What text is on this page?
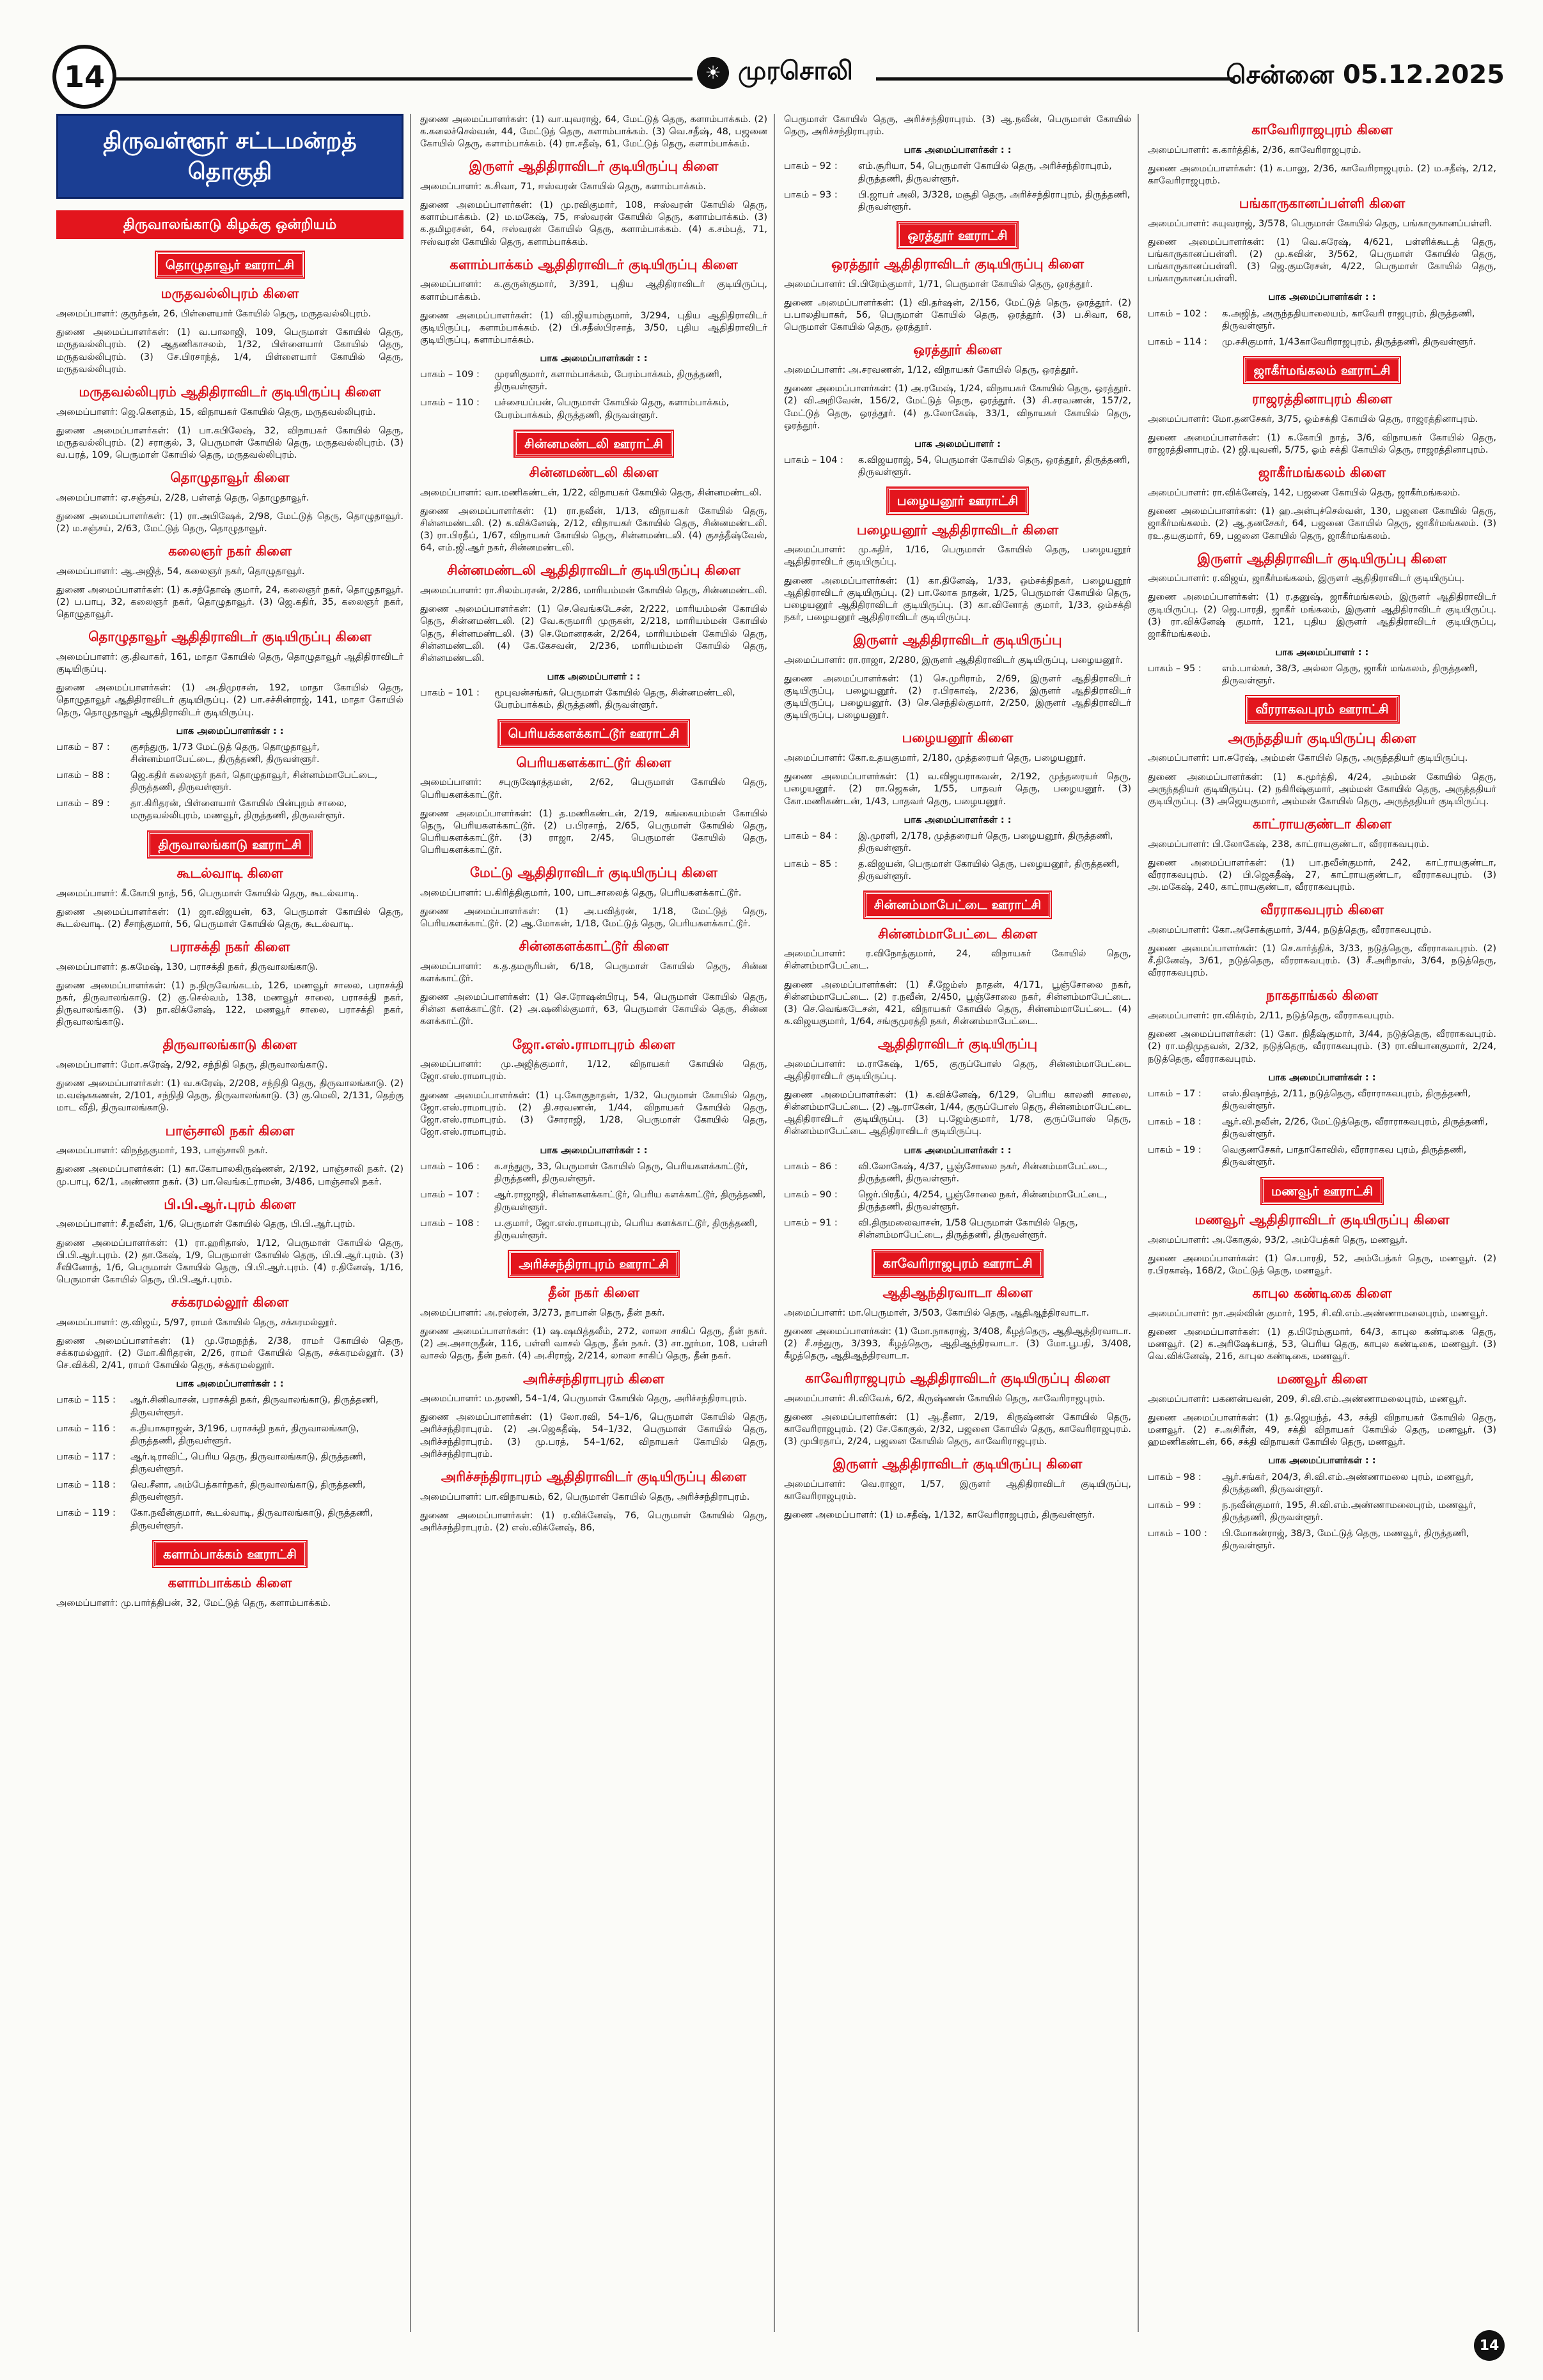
14	☀ முரசொலி	சென்னை 05.12.2025
திருவள்ளூர் சட்டமன்றத் தொகுதி
திருவாலங்காடு கிழக்கு ஒன்றியம்
தொழுதாவூர் ஊராட்சி
மருதவல்லிபுரம் கிளை

அமைப்பாளர்: குருர்தன், 26, பிள்ளையார் கோயில் தெரு, மருதவல்லிபுரம்.

துணை அமைப்பாளர்கள்: (1) வ.பாலாஜி, 109, பெருமாள் கோயில் தெரு, மருதவல்லிபுரம். (2) ஆதணிகாசலம், 1/32, பிள்ளையார் கோயில் தெரு, மருதவல்லிபுரம். (3) சே.பிரசாந்த், 1/4, பிள்ளையார் கோயில் தெரு, மருதவல்லிபுரம்.

மருதவல்லிபுரம் ஆதிதிராவிடர் குடியிருப்பு கிளை

அமைப்பாளர்: ஜெ.கௌதம், 15, விநாயகர் கோயில் தெரு, மருதவல்லிபுரம்.

துணை அமைப்பாளர்கள்: (1) பா.கபிலேஷ், 32, விநாயகர் கோயில் தெரு, மருதவல்லிபுரம். (2) சராகுல், 3, பெருமாள் கோயில் தெரு, மருதவல்லிபுரம். (3) வ.பரத், 109, பெருமாள் கோயில் தெரு, மருதவல்லிபுரம்.

தொழுதாவூர் கிளை

அமைப்பாளர்: ஏ.சஞ்சய், 2/28, பள்ளத் தெரு, தொழுதாவூர்.

துணை அமைப்பாளர்கள்: (1) ரா.அபிஷேக், 2/98, மேட்டுத் தெரு, தொழுதாவூர். (2) ம.சஞ்சய், 2/63, மேட்டுத் தெரு, தொழுதாவூர்.

கலைஞர் நகர் கிளை

அமைப்பாளர்: ஆ.அஜித், 54, கலைஞர் நகர், தொழுதாவூர்.

துணை அமைப்பாளர்கள்: (1) க.சந்தோஷ் குமார், 24, கலைஞர் நகர், தொழுதாவூர். (2) ப.பாபு, 32, கலைஞர் நகர், தொழுதாவூர். (3) ஜெ.கதிர், 35, கலைஞர் நகர், தொழுதாவூர்.

தொழுதாவூர் ஆதிதிராவிடர் குடியிருப்பு கிளை

அமைப்பாளர்: கு.திவாகர், 161, மாதா கோயில் தெரு, தொழுதாவூர் ஆதிதிராவிடர் குடியிருப்பு.

துணை அமைப்பாளர்கள்: (1) அ.திமுரசன், 192, மாதா கோயில் தெரு, தொழுதாவூர் ஆதிதிராவிடர் குடியிருப்பு. (2) பா.சச்சின்ராஜ், 141, மாதா கோயில் தெரு, தொழுதாவூர் ஆதிதிராவிடர் குடியிருப்பு.

பாக அமைப்பாளர்கள் : :
பாகம் – 87 :	குசந்துரு, 1/73 மேட்டுத் தெரு, தொழுதாவூர், சின்னம்மாபேட்டை, திருத்தணி, திருவள்ளூர்.
பாகம் – 88 :	ஜெ.கதிர் கலைஞர் நகர், தொழுதாவூர், சின்னம்மாபேட்டை, திருத்தணி, திருவள்ளூர்.
பாகம் – 89 :	தா.கிரிதரன், பிள்ளையார் கோயில் பின்புறம் சாலை, மருதவல்லிபுரம், மணவூர், திருத்தணி, திருவள்ளூர்.
திருவாலங்காடு ஊராட்சி
கூடல்வாடி கிளை

அமைப்பாளர்: கீ.கோபி நாத், 56, பெருமாள் கோயில் தெரு, கூடல்வாடி.

துணை அமைப்பாளர்கள்: (1) ஜா.விஜயன், 63, பெருமாள் கோயில் தெரு, கூடல்வாடி. (2) சீசாந்குமார், 56, பெருமாள் கோயில் தெரு, கூடல்வாடி.

பராசக்தி நகர் கிளை

அமைப்பாளர்: த.கமேஷ், 130, பராசக்தி நகர், திருவாலங்காடு.

துணை அமைப்பாளர்கள்: (1) ந.நிருவேங்கடம், 126, மணவூர் சாலை, பராசக்தி நகர், திருவாலங்காடு. (2) கு.செல்வம், 138, மணவூர் சாலை, பராசக்தி நகர், திருவாலங்காடு. (3) நா.விக்னேஷ், 122, மணவூர் சாலை, பராசக்தி நகர், திருவாலங்காடு.

திருவாலங்காடு கிளை

அமைப்பாளர்: மோ.சுரேஷ், 2/92, சந்நிதி தெரு, திருவாலங்காடு.

துணை அமைப்பாளர்கள்: (1) வ.சுரேஷ், 2/208, சந்நிதி தெரு, திருவாலங்காடு. (2) ம.வஷ்சுகணன், 2/101, சந்நிதி தெரு, திருவாலங்காடு. (3) கு.மெலி, 2/131, தெற்கு மாட வீதி, திருவாலங்காடு.

பாஞ்சாலி நகர் கிளை

அமைப்பாளர்: விநந்தகுமார், 193, பாஞ்சாலி நகர்.

துணை அமைப்பாளர்கள்: (1) கா.கோபாலகிருஷ்ணன், 2/192, பாஞ்சாலி நகர். (2) மு.பாபு, 62/1, அண்ணா நகர். (3) பா.வெங்கட்ராமன், 3/486, பாஞ்சாலி நகர்.

பி.பி.ஆர்.புரம் கிளை

அமைப்பாளர்: சீ.நவீன், 1/6, பெருமாள் கோயில் தெரு, பி.பி.ஆர்.புரம்.

துணை அமைப்பாளர்கள்: (1) ரா.ஹரிதாஸ், 1/12, பெருமாள் கோயில் தெரு, பி.பி.ஆர்.புரம். (2) தா.கேஷ், 1/9, பெருமாள் கோயில் தெரு, பி.பி.ஆர்.புரம். (3) சீவினோத், 1/6, பெருமாள் கோயில் தெரு, பி.பி.ஆர்.புரம். (4) ர.தினேஷ், 1/16, பெருமாள் கோயில் தெரு, பி.பி.ஆர்.புரம்.

சக்கரமல்லூர் கிளை

அமைப்பாளர்: கு.விஜய், 5/97, ராமர் கோயில் தெரு, சக்கரமல்லூர்.

துணை அமைப்பாளர்கள்: (1) மு.ரேமநந்த், 2/38, ராமர் கோயில் தெரு, சக்கரமல்லூர். (2) மோ.கிரிதரன், 2/26, ராமர் கோயில் தெரு, சக்கரமல்லூர். (3) செ.விக்கி, 2/41, ராமர் கோயில் தெரு, சக்கரமல்லூர்.

பாக அமைப்பாளர்கள் : :
பாகம் – 115 :	ஆர்.சினிவாசன், பராசக்தி நகர், திருவாலங்காடு, திருத்தணி, திருவள்ளூர்.
பாகம் – 116 :	க.தியாகராஜன், 3/196, பராசக்தி நகர், திருவாலங்காடு, திருத்தணி, திருவள்ளூர்.
பாகம் – 117 :	ஆர்.டிராவிட், பெரிய தெரு, திருவாலங்காடு, திருத்தணி, திருவள்ளூர்.
பாகம் – 118 :	வெ.சீனா, அம்பேத்கார்நகர், திருவாலங்காடு, திருத்தணி, திருவள்ளூர்.
பாகம் – 119 :	கோ.நவீன்குமார், கூடல்வாடி, திருவாலங்காடு, திருத்தணி, திருவள்ளூர்.
களாம்பாக்கம் ஊராட்சி
களாம்பாக்கம் கிளை

அமைப்பாளர்: மு.பார்த்திபன், 32, மேட்டுத் தெரு, களாம்பாக்கம்.

துணை அமைப்பாளர்கள்: (1) வா.யுவராஜ், 64, மேட்டுத் தெரு, களாம்பாக்கம். (2) க.கலைச்செல்வன், 44, மேட்டுத் தெரு, களாம்பாக்கம். (3) வெ.சதீஷ், 48, பஜனை கோயில் தெரு, களாம்பாக்கம். (4) ரா.சதீஷ், 61, மேட்டுத் தெரு, களாம்பாக்கம்.

இருளர் ஆதிதிராவிடர் குடியிருப்பு கிளை

அமைப்பாளர்: க.சிவா, 71, ஈஸ்வரன் கோயில் தெரு, களாம்பாக்கம்.

துணை அமைப்பாளர்கள்: (1) மு.ரவிகுமார், 108, ஈஸ்வரன் கோயில் தெரு, களாம்பாக்கம். (2) ம.மகேஷ், 75, ஈஸ்வரன் கோயில் தெரு, களாம்பாக்கம். (3) க.தமிழரசன், 64, ஈஸ்வரன் கோயில் தெரு, களாம்பாக்கம். (4) க.சம்பத், 71, ஈஸ்வரன் கோயில் தெரு, களாம்பாக்கம்.

களாம்பாக்கம் ஆதிதிராவிடர் குடியிருப்பு கிளை

அமைப்பாளர்: க.குருன்குமார், 3/391, புதிய ஆதிதிராவிடர் குடியிருப்பு, களாம்பாக்கம்.

துணை அமைப்பாளர்கள்: (1) வி.ஜியாம்குமார், 3/294, புதிய ஆதிதிராவிடர் குடியிருப்பு, களாம்பாக்கம். (2) பி.சதீஸ்பிரசாத், 3/50, புதிய ஆதிதிராவிடர் குடியிருப்பு, களாம்பாக்கம்.

பாக அமைப்பாளர்கள் : :
பாகம் – 109 :	முரளிகுமார், களாம்பாக்கம், பேரம்பாக்கம், திருத்தணி, திருவள்ளூர்.
பாகம் – 110 :	பச்சையப்பன், பெருமாள் கோயில் தெரு, களாம்பாக்கம், பேரம்பாக்கம், திருத்தணி, திருவள்ளூர்.
சின்னமண்டலி ஊராட்சி
சின்னமண்டலி கிளை

அமைப்பாளர்: வா.மணிகண்டன், 1/22, விநாயகர் கோயில் தெரு, சின்னமண்டலி.

துணை அமைப்பாளர்கள்: (1) ரா.நவீன், 1/13, விநாயகர் கோயில் தெரு, சின்னமண்டலி. (2) க.விக்னேஷ், 2/12, விநாயகர் கோயில் தெரு, சின்னமண்டலி. (3) ரா.பிரதீப், 1/67, விநாயகர் கோயில் தெரு, சின்னமண்டலி. (4) குசத்தீஷ்வேல், 64, எம்.ஜி.ஆர் நகர், சின்னமண்டலி.

சின்னமண்டலி ஆதிதிராவிடர் குடியிருப்பு கிளை

அமைப்பாளர்: ரா.சிலம்பரசன், 2/286, மாரியம்மன் கோயில் தெரு, சின்னமண்டலி.

துணை அமைப்பாளர்கள்: (1) செ.வெங்கடேசன், 2/222, மாரியம்மன் கோயில் தெரு, சின்னமண்டலி. (2) வே.கருமாரி முருகன், 2/218, மாரியம்மன் கோயில் தெரு, சின்னமண்டலி. (3) செ.மோனரகன், 2/264, மாரியம்மன் கோயில் தெரு, சின்னமண்டலி. (4) கே.கேசவன், 2/236, மாரியம்மன் கோயில் தெரு, சின்னமண்டலி.

பாக அமைப்பாளர் : :
பாகம் – 101 :	மூபுவன்சங்கர், பெருமாள் கோயில் தெரு, சின்னமண்டலி, பேரம்பாக்கம், திருத்தணி, திருவள்ளூர்.
பெரியக்களக்காட்டூர் ஊராட்சி
பெரியகளக்காட்டூர் கிளை

அமைப்பாளர்: சபுருஷோத்தமன், 2/62, பெருமாள் கோயில் தெரு, பெரியகளக்காட்டூர்.

துணை அமைப்பாளர்கள்: (1) த.மணிகண்டன், 2/19, கங்கையம்மன் கோயில் தெரு, பெரியகளக்காட்டூர். (2) ப.பிரசாந், 2/65, பெருமாள் கோயில் தெரு, பெரியகளக்காட்டூர். (3) ராஜா, 2/45, பெருமாள் கோயில் தெரு, பெரியகளக்காட்டூர்.

மேட்டு ஆதிதிராவிடர் குடியிருப்பு கிளை

அமைப்பாளர்: ப.கிரித்திகுமார், 100, பாடசாலைத் தெரு, பெரியகளக்காட்டூர்.

துணை அமைப்பாளர்கள்: (1) அ.பவித்ரன், 1/18, மேட்டுத் தெரு, பெரியகளக்காட்டூர். (2) ஆ.மோகன், 1/18, மேட்டுத் தெரு, பெரியகளக்காட்டூர்.

சின்னகளக்காட்டூர் கிளை

அமைப்பாளர்: க.த.தமருரிபன், 6/18, பெருமாள் கோயில் தெரு, சின்ன களக்காட்டூர்.

துணை அமைப்பாளர்கள்: (1) செ.ரோஷன்பிரபு, 54, பெருமாள் கோயில் தெரு, சின்ன களக்காட்டூர். (2) அ.ஷனில்குமார், 63, பெருமாள் கோயில் தெரு, சின்ன களக்காட்டூர்.

ஜோ.எஸ்.ராமாபுரம் கிளை

அமைப்பாளர்: மு.அஜித்குமார், 1/12, விநாயகர் கோயில் தெரு, ஜோ.எஸ்.ராமாபுரம்.

துணை அமைப்பாளர்கள்: (1) பு.கோகுநாதன், 1/32, பெருமாள் கோயில் தெரு, ஜோ.எஸ்.ராமாபுரம். (2) தி.சரவணன், 1/44, விநாயகர் கோயில் தெரு, ஜோ.எஸ்.ராமாபுரம். (3) சோராஜி, 1/28, பெருமாள் கோயில் தெரு, ஜோ.எஸ்.ராமாபுரம்.

பாக அமைப்பாளர்கள் : :
பாகம் – 106 :	க.சந்துரு, 33, பெருமாள் கோயில் தெரு, பெரியகளக்காட்டூர், திருத்தணி, திருவள்ளூர்.
பாகம் – 107 :	ஆர்.ராஜாஜி, சின்னகளக்காட்டூர், பெரிய களக்காட்டூர், திருத்தணி, திருவள்ளூர்.
பாகம் – 108 :	ப.குமார், ஜோ.எஸ்.ராமாபுரம், பெரிய களக்காட்டூர், திருத்தணி, திருவள்ளூர்.
அரிச்சந்திராபுரம் ஊராட்சி
தீன் நகர் கிளை

அமைப்பாளர்: அ.ரஸ்ரன், 3/273, நாபான் தெரு, தீன் நகர்.

துணை அமைப்பாளர்கள்: (1) ஷ.ஷமித்தலீம், 272, லாலா சாகிப் தெரு, தீன் நகர். (2) அ.அசாருதீன், 116, பள்ளி வாசல் தெரு, தீன் நகர். (3) சா.நூர்மா, 108, பள்ளி வாசல் தெரு, தீன் நகர். (4) அ.சிராஜ், 2/214, லாலா சாகிப் தெரு, தீன் நகர்.

அரிச்சந்திராபுரம் கிளை

அமைப்பாளர்: ம.தரணி, 54–1/4, பெருமாள் கோயில் தெரு, அரிச்சந்திராபுரம்.

துணை அமைப்பாளர்கள்: (1) லோ.ரவி, 54–1/6, பெருமாள் கோயில் தெரு, அரிச்சந்திராபுரம். (2) அ.ஜெகதீஷ், 54–1/32, பெருமாள் கோயில் தெரு, அரிச்சந்திராபுரம். (3) மு.பரத், 54–1/62, விநாயகர் கோயில் தெரு, அரிச்சந்திராபுரம்.

அரிச்சந்திராபுரம் ஆதிதிராவிடர் குடியிருப்பு கிளை

அமைப்பாளர்: பா.விநாயகம், 62, பெருமாள் கோயில் தெரு, அரிச்சந்திராபுரம்.

துணை அமைப்பாளர்கள்: (1) ர.விக்னேஷ், 76, பெருமாள் கோயில் தெரு, அரிச்சந்திராபுரம். (2) எஸ்.விக்னேஷ், 86,

பெருமாள் கோயில் தெரு, அரிச்சந்திராபுரம். (3) ஆ.நவீன், பெருமாள் கோயில் தெரு, அரிச்சந்திராபுரம்.

பாக அமைப்பாளர்கள் : :
பாகம் – 92 :	எம்.சூரியா, 54, பெருமாள் கோயில் தெரு, அரிச்சந்திராபுரம், திருத்தணி, திருவள்ளூர்.
பாகம் – 93 :	பி.ஜாபர் அலி, 3/328, மசூதி தெரு, அரிச்சந்திராபுரம், திருத்தணி, திருவள்ளூர்.
ஒரத்தூர் ஊராட்சி
ஒரத்தூர் ஆதிதிராவிடர் குடியிருப்பு கிளை

அமைப்பாளர்: பி.பிரேம்குமார், 1/71, பெருமாள் கோயில் தெரு, ஒரத்தூர்.

துணை அமைப்பாளர்கள்: (1) வி.தர்ஷன், 2/156, மேட்டுத் தெரு, ஒரத்தூர். (2) ப.பாலதியாகர், 56, பெருமாள் கோயில் தெரு, ஒரத்தூர். (3) ப.சிவா, 68, பெருமாள் கோயில் தெரு, ஒரத்தூர்.

ஒரத்தூர் கிளை

அமைப்பாளர்: அ.சரவணன், 1/12, விநாயகர் கோயில் தெரு, ஒரத்தூர்.

துணை அமைப்பாளர்கள்: (1) அ.ரமேஷ், 1/24, விநாயகர் கோயில் தெரு, ஒரத்தூர். (2) வி.அறிவேன், 156/2, மேட்டுத் தெரு, ஒரத்தூர். (3) சி.சரவணன், 157/2, மேட்டுத் தெரு, ஒரத்தூர். (4) த.லோகேஷ், 33/1, விநாயகர் கோயில் தெரு, ஒரத்தூர்.

பாக அமைப்பாளர் :
பாகம் – 104 :	க.விஜயராஜ், 54, பெருமாள் கோயில் தெரு, ஒரத்தூர், திருத்தணி, திருவள்ளூர்.
பழையனூர் ஊராட்சி
பழையனூர் ஆதிதிராவிடர் கிளை

அமைப்பாளர்: மு.கதிர், 1/16, பெருமாள் கோயில் தெரு, பழையனூர் ஆதிதிராவிடர் குடியிருப்பு.

துணை அமைப்பாளர்கள்: (1) கா.தினேஷ், 1/33, ஒம்சக்திநகர், பழையனூர் ஆதிதிராவிடர் குடியிருப்பு. (2) பா.லோக நாதன், 1/25, பெருமாள் கோயில் தெரு, பழையனூர் ஆதிதிராவிடர் குடியிருப்பு. (3) கா.வினோத் குமார், 1/33, ஒம்சக்தி நகர், பழையனூர் ஆதிதிராவிடர் குடியிருப்பு.

இருளர் ஆதிதிராவிடர் குடியிருப்பு

அமைப்பாளர்: ரா.ராஜா, 2/280, இருளர் ஆதிதிராவிடர் குடியிருப்பு, பழையனூர்.

துணை அமைப்பாளர்கள்: (1) செ.முரிராம், 2/69, இருளர் ஆதிதிராவிடர் குடியிருப்பு, பழையனூர். (2) ர.பிரகாஷ், 2/236, இருளர் ஆதிதிராவிடர் குடியிருப்பு, பழையனூர். (3) செ.செந்தில்குமார், 2/250, இருளர் ஆதிதிராவிடர் குடியிருப்பு, பழையனூர்.

பழையனூர் கிளை

அமைப்பாளர்: கோ.உதயகுமார், 2/180, முத்தரையர் தெரு, பழையனூர்.

துணை அமைப்பாளர்கள்: (1) வ.விஜயராகவன், 2/192, முத்தரையர் தெரு, பழையனூர். (2) ரா.ஜெகன், 1/55, பாதவர் தெரு, பழையனூர். (3) கோ.மணிகண்டன், 1/43, பாதவர் தெரு, பழையனூர்.

பாக அமைப்பாளர்கள் : :
பாகம் – 84 :	இ.முரளி, 2/178, முத்தரையர் தெரு, பழையனூர், திருத்தணி, திருவள்ளூர்.
பாகம் – 85 :	த.விஜயன், பெருமாள் கோயில் தெரு, பழையனூர், திருத்தணி, திருவள்ளூர்.
சின்னம்மாபேட்டை ஊராட்சி
சின்னம்மாபேட்டை கிளை

அமைப்பாளர்: ர.விநோத்குமார், 24, விநாயகர் கோயில் தெரு, சின்னம்மாபேட்டை.

துணை அமைப்பாளர்கள்: (1) சீ.ஜேம்ஸ் நாதன், 4/171, பூஞ்சோலை நகர், சின்னம்மாபேட்டை. (2) ர.நவீன், 2/450, பூஞ்சோலை நகர், சின்னம்மாபேட்டை. (3) செ.வெங்கடேசன், 421, விநாயகர் கோயில் தெரு, சின்னம்மாபேட்டை. (4) க.விஜயகுமார், 1/64, சங்குமுரத்தி நகர், சின்னம்மாபேட்டை.

ஆதிதிராவிடர் குடியிருப்பு

அமைப்பாளர்: ம.ராகேஷ், 1/65, குருப்போஸ் தெரு, சின்னம்மாபேட்டை ஆதிதிராவிடர் குடியிருப்பு.

துணை அமைப்பாளர்கள்: (1) க.விக்னேஷ், 6/129, பெரிய காலனி சாலை, சின்னம்மாபேட்டை. (2) ஆ.ராகேன், 1/44, குருப்போஸ் தெரு, சின்னம்மாபேட்டை ஆதிதிராவிடர் குடியிருப்பு. (3) பு.ஜேம்குமார், 1/78, குருப்போஸ் தெரு, சின்னம்மாபேட்டை ஆதிதிராவிடர் குடியிருப்பு.

பாக அமைப்பாளர்கள் : :
பாகம் – 86 :	வி.லோகேஷ், 4/37, பூஞ்சோலை நகர், சின்னம்மாபேட்டை, திருத்தணி, திருவள்ளூர்.
பாகம் – 90 :	ஜெர்.பிரதீப், 4/254, பூஞ்சோலை நகர், சின்னம்மாபேட்டை, திருத்தணி, திருவள்ளூர்.
பாகம் – 91 :	வி.திருமலைவாசன், 1/58 பெருமாள் கோயில் தெரு, சின்னம்மாபேட்டை, திருத்தணி, திருவள்ளூர்.
காவேரிராஜபுரம் ஊராட்சி
ஆதிஆந்திரவாடா கிளை

அமைப்பாளர்: மா.பெருமாள், 3/503, கோயில் தெரு, ஆதிஆந்திரவாடா.

துணை அமைப்பாளர்கள்: (1) மோ.நாகராஜ், 3/408, கீழத்தெரு, ஆதிஆந்திரவாடா. (2) சீ.சந்துரு, 3/393, கீழத்தெரு, ஆதிஆந்திரவாடா. (3) மோ.பூபதி, 3/408, கீழத்தெரு, ஆதிஆந்திரவாடா.

காவேரிராஜபுரம் ஆதிதிராவிடர் குடியிருப்பு கிளை

அமைப்பாளர்: சி.விவேக், 6/2, கிருஷ்ணன் கோயில் தெரு, காவேரிராஜபுரம்.

துணை அமைப்பாளர்கள்: (1) ஆ.தீனா, 2/19, கிருஷ்ணன் கோயில் தெரு, காவேரிராஜபுரம். (2) சே.கோகுல், 2/32, பஜனை கோயில் தெரு, காவேரிராஜபுரம். (3) முபிரதாப், 2/24, பஜனை கோயில் தெரு, காவேரிராஜபுரம்.

இருளர் ஆதிதிராவிடர் குடியிருப்பு கிளை

அமைப்பாளர்: வெ.ராஜா, 1/57, இருளர் ஆதிதிராவிடர் குடியிருப்பு, காவேரிராஜபுரம்.

துணை அமைப்பாளர்: (1) ம.சதீஷ், 1/132, காவேரிராஜபுரம், திருவள்ளூர்.

காவேரிராஜபுரம் கிளை

அமைப்பாளர்: க.கார்த்திக், 2/36, காவேரிராஜபுரம்.

துணை அமைப்பாளர்கள்: (1) க.பாலு, 2/36, காவேரிராஜபுரம். (2) ம.சதீஷ், 2/12, காவேரிராஜபுரம்.

பங்காருகானப்பள்ளி கிளை

அமைப்பாளர்: சுயுவராஜ், 3/578, பெருமாள் கோயில் தெரு, பங்காருகானப்பள்ளி.

துணை அமைப்பாளர்கள்: (1) வெ.சுரேஷ், 4/621, பள்ளிக்கூடத் தெரு, பங்காருகானப்பள்ளி. (2) மு.கவின், 3/562, பெருமாள் கோயில் தெரு, பங்காருகானப்பள்ளி. (3) ஜெ.குமரேசன், 4/22, பெருமாள் கோயில் தெரு, பங்காருகானப்பள்ளி.

பாக அமைப்பாளர்கள் : :
பாகம் – 102 :	க.அஜித், அருந்ததியாலையம், காவேரி ராஜபுரம், திருத்தணி, திருவள்ளூர்.
பாகம் – 114 :	மு.சசிகுமார், 1/43காவேரிராஜபுரம், திருத்தணி, திருவள்ளூர்.
ஜாகீர்மங்கலம் ஊராட்சி
ராஜரத்தினாபுரம் கிளை

அமைப்பாளர்: மோ.தனசேகர், 3/75, ஓம்சக்தி கோயில் தெரு, ராஜரத்தினாபுரம்.

துணை அமைப்பாளர்கள்: (1) க.கோபி நாத், 3/6, விநாயகர் கோயில் தெரு, ராஜரத்தினாபுரம். (2) ஜி.யுவனி, 5/75, ஓம் சக்தி கோயில் தெரு, ராஜரத்தினாபுரம்.

ஜாகீர்மங்கலம் கிளை

அமைப்பாளர்: ரா.விக்னேஷ், 142, பஜனை கோயில் தெரு, ஜாகீர்மங்கலம்.

துணை அமைப்பாளர்கள்: (1) ஹ.அன்புச்செல்வன், 130, பஜனை கோயில் தெரு, ஜாகீர்மங்கலம். (2) ஆ.தனசேகர், 64, பஜனை கோயில் தெரு, ஜாகீர்மங்கலம். (3) ரஉ.தயகுமார், 69, பஜனை கோயில் தெரு, ஜாகீர்மங்கலம்.

இருளர் ஆதிதிராவிடர் குடியிருப்பு கிளை

அமைப்பாளர்: ர.விஜய், ஜாகீர்மங்கலம், இருளர் ஆதிதிராவிடர் குடியிருப்பு.

துணை அமைப்பாளர்கள்: (1) ர.தனுஷ், ஜாகீர்மங்கலம், இருளர் ஆதிதிராவிடர் குடியிருப்பு. (2) ஜெ.பாரதி, ஜாகீர் மங்கலம், இருளர் ஆதிதிராவிடர் குடியிருப்பு. (3) ரா.விக்னேஷ் குமார், 121, புதிய இருளர் ஆதிதிராவிடர் குடியிருப்பு, ஜாகீர்மங்கலம்.

பாக அமைப்பாளர் : :
பாகம் – 95 :	எம்.பால்கர், 38/3, அல்லா தெரு, ஜாகீர் மங்கலம், திருத்தணி, திருவள்ளூர்.
வீரராகவபுரம் ஊராட்சி
அருந்ததியர் குடியிருப்பு கிளை

அமைப்பாளர்: பா.சுரேஷ், அம்மன் கோயில் தெரு, அருந்ததியர் குடியிருப்பு.

துணை அமைப்பாளர்கள்: (1) க.மூர்த்தி, 4/24, அம்மன் கோயில் தெரு, அருந்ததியர் குடியிருப்பு. (2) நகிரிஷ்குமார், அம்மன் கோயில் தெரு, அருந்ததியர் குடியிருப்பு. (3) அஜெயகுமார், அம்மன் கோயில் தெரு, அருந்ததியர் குடியிருப்பு.

காட்ராயகுண்டா கிளை

அமைப்பாளர்: பி.லோகேஷ், 238, காட்ராயகுண்டா, வீரராகவபுரம்.

துணை அமைப்பாளர்கள்: (1) பா.நவீன்குமார், 242, காட்ராயகுண்டா, வீரராகவபுரம். (2) பி.ஜெகதீஷ், 27, காட்ராயகுண்டா, வீரராகவபுரம். (3) அ.மகேஷ், 240, காட்ராயகுண்டா, வீரராகவபுரம்.

வீரராகவபுரம் கிளை

அமைப்பாளர்: கோ.அசோக்குமார், 3/44, நடுத்தெரு, வீரராகவபுரம்.

துணை அமைப்பாளர்கள்: (1) செ.கார்த்திக், 3/33, நடுத்தெரு, வீரராகவபுரம். (2) சீ.தினேஷ், 3/61, நடுத்தெரு, வீரராகவபுரம். (3) சீ.அரிநாஸ், 3/64, நடுத்தெரு, வீரராகவபுரம்.

நாகதாங்கல் கிளை

அமைப்பாளர்: ரா.விக்ரம், 2/11, நடுத்தெரு, வீரராகவபுரம்.

துணை அமைப்பாளர்கள்: (1) கோ. நிதீஷ்குமார், 3/44, நடுத்தெரு, வீரராகவபுரம். (2) ரா.மதிமுதவன், 2/32, நடுத்தெரு, வீரராகவபுரம். (3) ரா.வியானகுமார், 2/24, நடுத்தெரு, வீரராகவபுரம்.

பாக அமைப்பாளர்கள் : :
பாகம் – 17 :	எஸ்.நிஷாந்த், 2/11, நடுத்தெரு, வீராராகவபுரம், திருத்தணி, திருவள்ளூர்.
பாகம் – 18 :	ஆர்.வி.நவீன், 2/26, மேட்டுத்தெரு, வீராராகவபுரம், திருத்தணி, திருவள்ளூர்.
பாகம் – 19 :	வெகுணசேகர், பாதாகோவில், வீராராகவ புரம், திருத்தணி, திருவள்ளூர்.
மணவூர் ஊராட்சி
மணவூர் ஆதிதிராவிடர் குடியிருப்பு கிளை

அமைப்பாளர்: அ.கோகுல், 93/2, அம்பேத்கர் தெரு, மணவூர்.

துணை அமைப்பாளர்கள்: (1) செ.பாரதி, 52, அம்பேத்கர் தெரு, மணவூர். (2) ர.பிரகாஷ், 168/2, மேட்டுத் தெரு, மணவூர்.

காபுல கண்டிகை கிளை

அமைப்பாளர்: நா.அல்வின் குமார், 195, சி.வி.எம்.அண்ணாமலைபுரம், மணவூர்.

துணை அமைப்பாளர்கள்: (1) த.பிரேம்குமார், 64/3, காபுல கண்டிகை தெரு, மணவூர். (2) க.அரிஷேக்பாத், 53, பெரிய தெரு, காபுல கண்டிகை, மணவூர். (3) வெ.விக்னேஷ், 216, காபுல கண்டிகை, மணவூர்.

மணவூர் கிளை

அமைப்பாளர்: பகணன்பவன், 209, சி.வி.எம்.அண்ணாமலைபுரம், மணவூர்.

துணை அமைப்பாளர்கள்: (1) த.ஜெயந்த், 43, சக்தி விநாயகர் கோயில் தெரு, மணவூர். (2) ச.அசிரீன், 49, சக்தி விநாயகர் கோயில் தெரு, மணவூர். (3) ஹமணிகண்டன், 66, சக்தி விநாயகர் கோயில் தெரு, மணவூர்.

பாக அமைப்பாளர்கள் : :
பாகம் – 98 :	ஆர்.சங்கர், 204/3, சி.வி.எம்.அண்ணாமலை புரம், மணவூர், திருத்தணி, திருவள்ளூர்.
பாகம் – 99 :	ந.நவீன்குமார், 195, சி.வி.எம்.அண்ணாமலைபுரம், மணவூர், திருத்தணி, திருவள்ளூர்.
பாகம் – 100 :	பி.மோகன்ராஜ், 38/3, மேட்டுத் தெரு, மணவூர், திருத்தணி, திருவள்ளூர்.
14
